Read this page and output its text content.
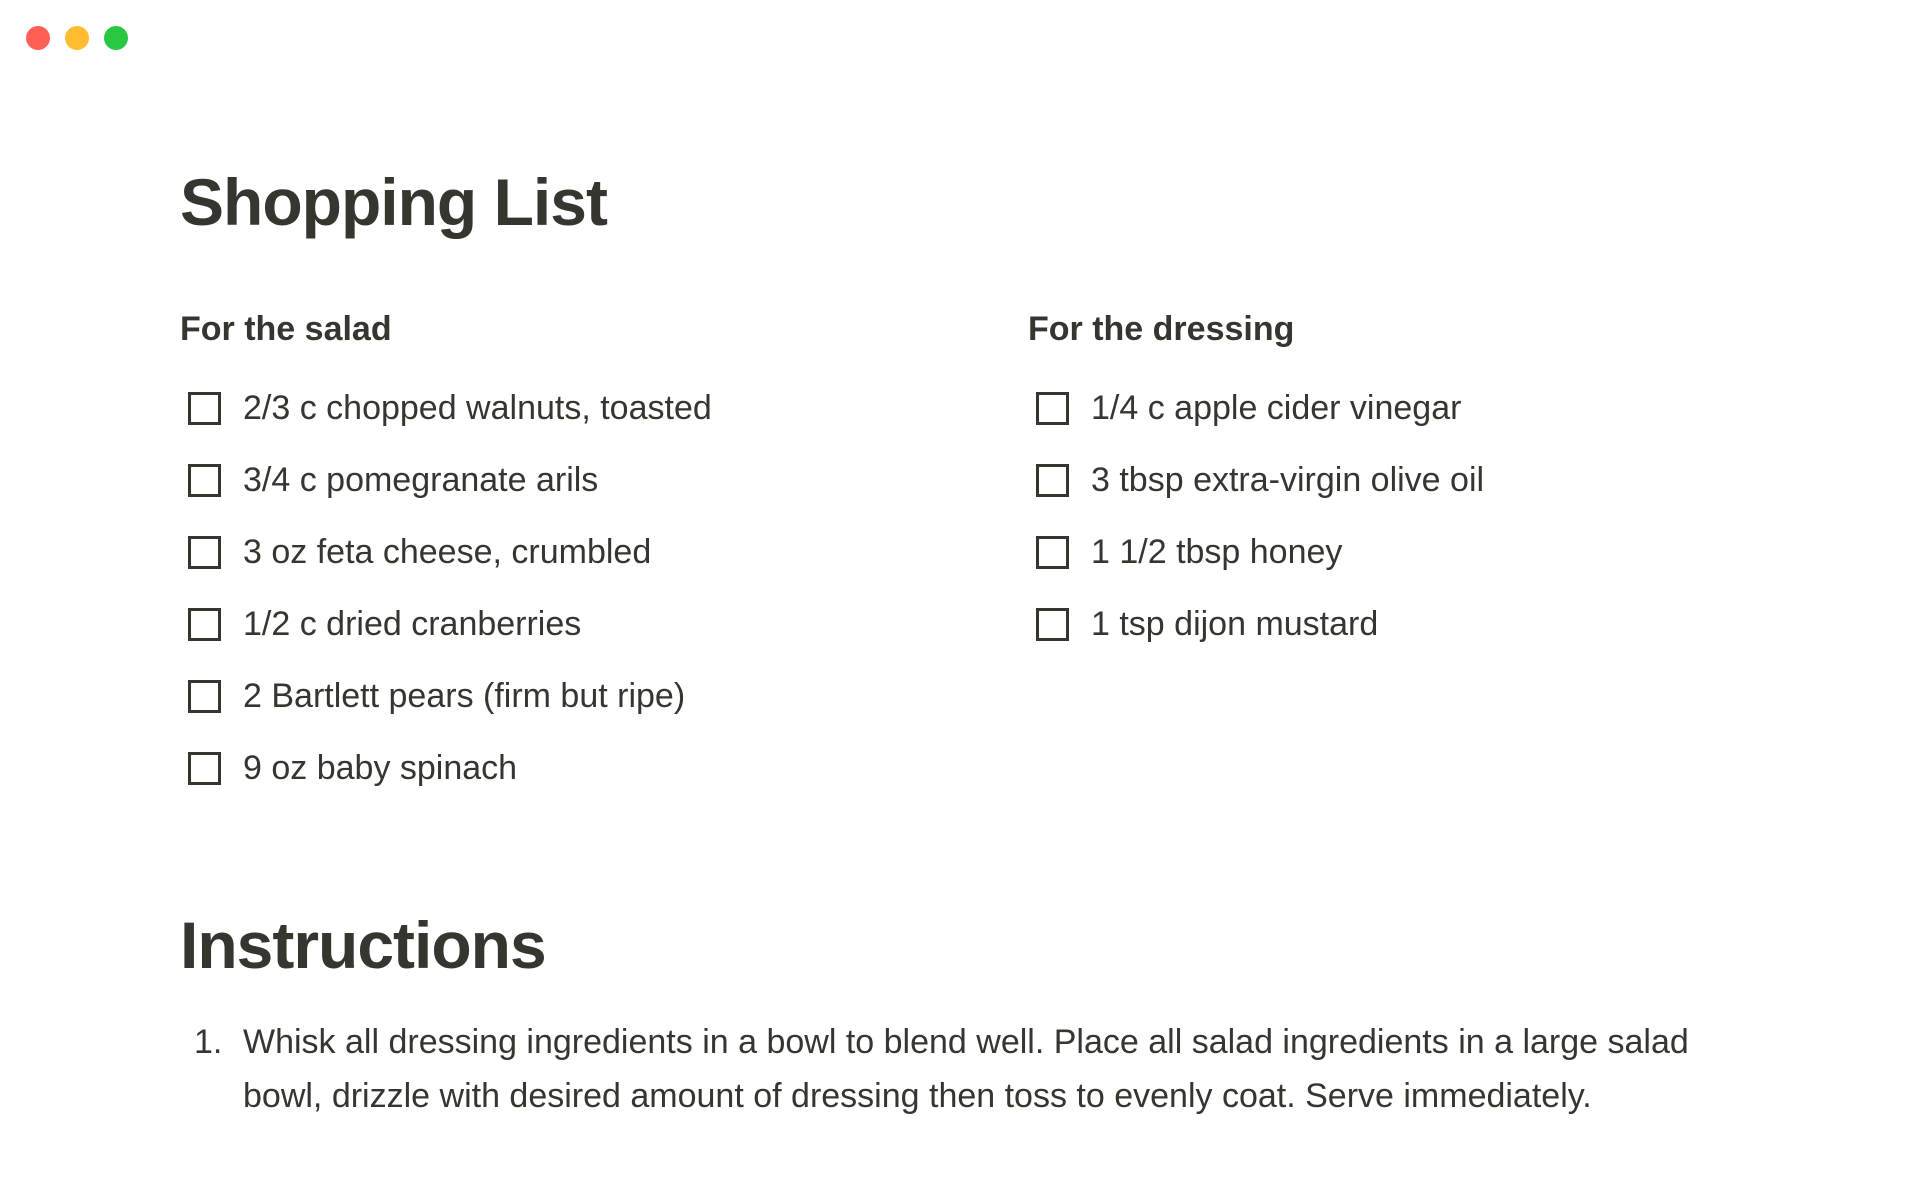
Shopping List
For the salad
2/3 c chopped walnuts, toasted
3/4 c pomegranate arils
3 oz feta cheese, crumbled
1/2 c dried cranberries
2 Bartlett pears (firm but ripe)
9 oz baby spinach
For the dressing
1/4 c apple cider vinegar
3 tbsp extra-virgin olive oil
1 1/2 tbsp honey
1 tsp dijon mustard
Instructions
1. Whisk all dressing ingredients in a bowl to blend well. Place all salad ingredients in a large salad bowl, drizzle with desired amount of dressing then toss to evenly coat. Serve immediately.
